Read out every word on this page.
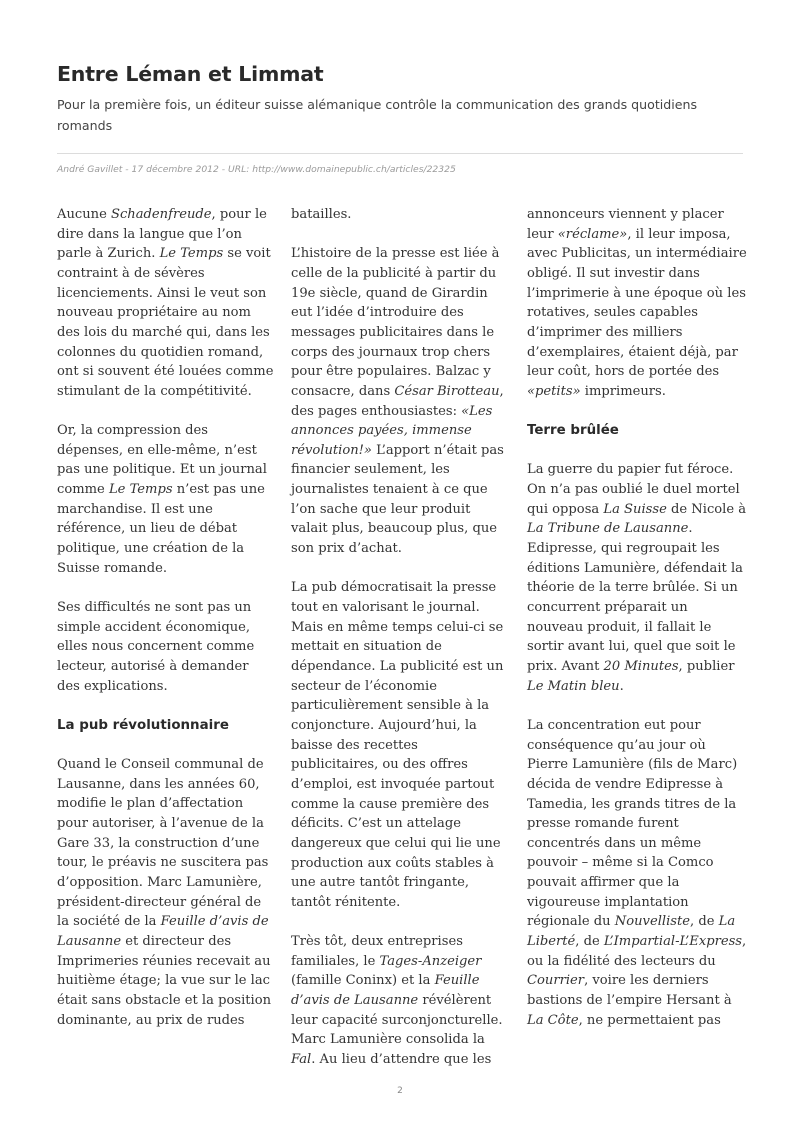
Entre Léman et Limmat

Pour la première fois, un éditeur suisse alémanique contrôle la communication des grands quotidiens romands

André Gavillet - 17 décembre 2012 - URL: http://www.domainepublic.ch/articles/22325

Aucune Schadenfreude, pour le dire dans la langue que l’on parle à Zurich. Le Temps se voit contraint à de sévères licenciements. Ainsi le veut son nouveau propriétaire au nom des lois du marché qui, dans les colonnes du quotidien romand, ont si souvent été louées comme stimulant de la compétitivité.

Or, la compression des dépenses, en elle-même, n’est pas une politique. Et un journal comme Le Temps n’est pas une marchandise. Il est une référence, un lieu de débat politique, une création de la Suisse romande.

Ses difficultés ne sont pas un simple accident économique, elles nous concernent comme lecteur, autorisé à demander des explications.

La pub révolutionnaire

Quand le Conseil communal de Lausanne, dans les années 60, modifie le plan d’affectation pour autoriser, à l’avenue de la Gare 33, la construction d’une tour, le préavis ne suscitera pas d’opposition. Marc Lamunière, président-directeur général de la société de la Feuille d’avis de Lausanne et directeur des Imprimeries réunies recevait au huitième étage; la vue sur le lac était sans obstacle et la position dominante, au prix de rudes

batailles.

L’histoire de la presse est liée à celle de la publicité à partir du 19e siècle, quand de Girardin eut l’idée d’introduire des messages publicitaires dans le corps des journaux trop chers pour être populaires. Balzac y consacre, dans César Birotteau, des pages enthousiastes: «Les annonces payées, immense révolution!» L’apport n’était pas financier seulement, les journalistes tenaient à ce que l’on sache que leur produit valait plus, beaucoup plus, que son prix d’achat.

La pub démocratisait la presse tout en valorisant le journal. Mais en même temps celui-ci se mettait en situation de dépendance. La publicité est un secteur de l’économie particulièrement sensible à la conjoncture. Aujourd’hui, la baisse des recettes publicitaires, ou des offres d’emploi, est invoquée partout comme la cause première des déficits. C’est un attelage dangereux que celui qui lie une production aux coûts stables à une autre tantôt fringante, tantôt rénitente.

Très tôt, deux entreprises familiales, le Tages-Anzeiger (famille Coninx) et la Feuille d’avis de Lausanne révélèrent leur capacité surconjoncturelle. Marc Lamunière consolida la Fal. Au lieu d’attendre que les

annonceurs viennent y placer leur «réclame», il leur imposa, avec Publicitas, un intermédiaire obligé. Il sut investir dans l’imprimerie à une époque où les rotatives, seules capables d’imprimer des milliers d’exemplaires, étaient déjà, par leur coût, hors de portée des «petits» imprimeurs.

Terre brûlée

La guerre du papier fut féroce. On n’a pas oublié le duel mortel qui opposa La Suisse de Nicole à La Tribune de Lausanne. Edipresse, qui regroupait les éditions Lamunière, défendait la théorie de la terre brûlée. Si un concurrent préparait un nouveau produit, il fallait le sortir avant lui, quel que soit le prix. Avant 20 Minutes, publier Le Matin bleu.

La concentration eut pour conséquence qu’au jour où Pierre Lamunière (fils de Marc) décida de vendre Edipresse à Tamedia, les grands titres de la presse romande furent concentrés dans un même pouvoir – même si la Comco pouvait affirmer que la vigoureuse implantation régionale du Nouvelliste, de La Liberté, de L’Impartial-L’Express, ou la fidélité des lecteurs du Courrier, voire les derniers bastions de l’empire Hersant à La Côte, ne permettaient pas

2
